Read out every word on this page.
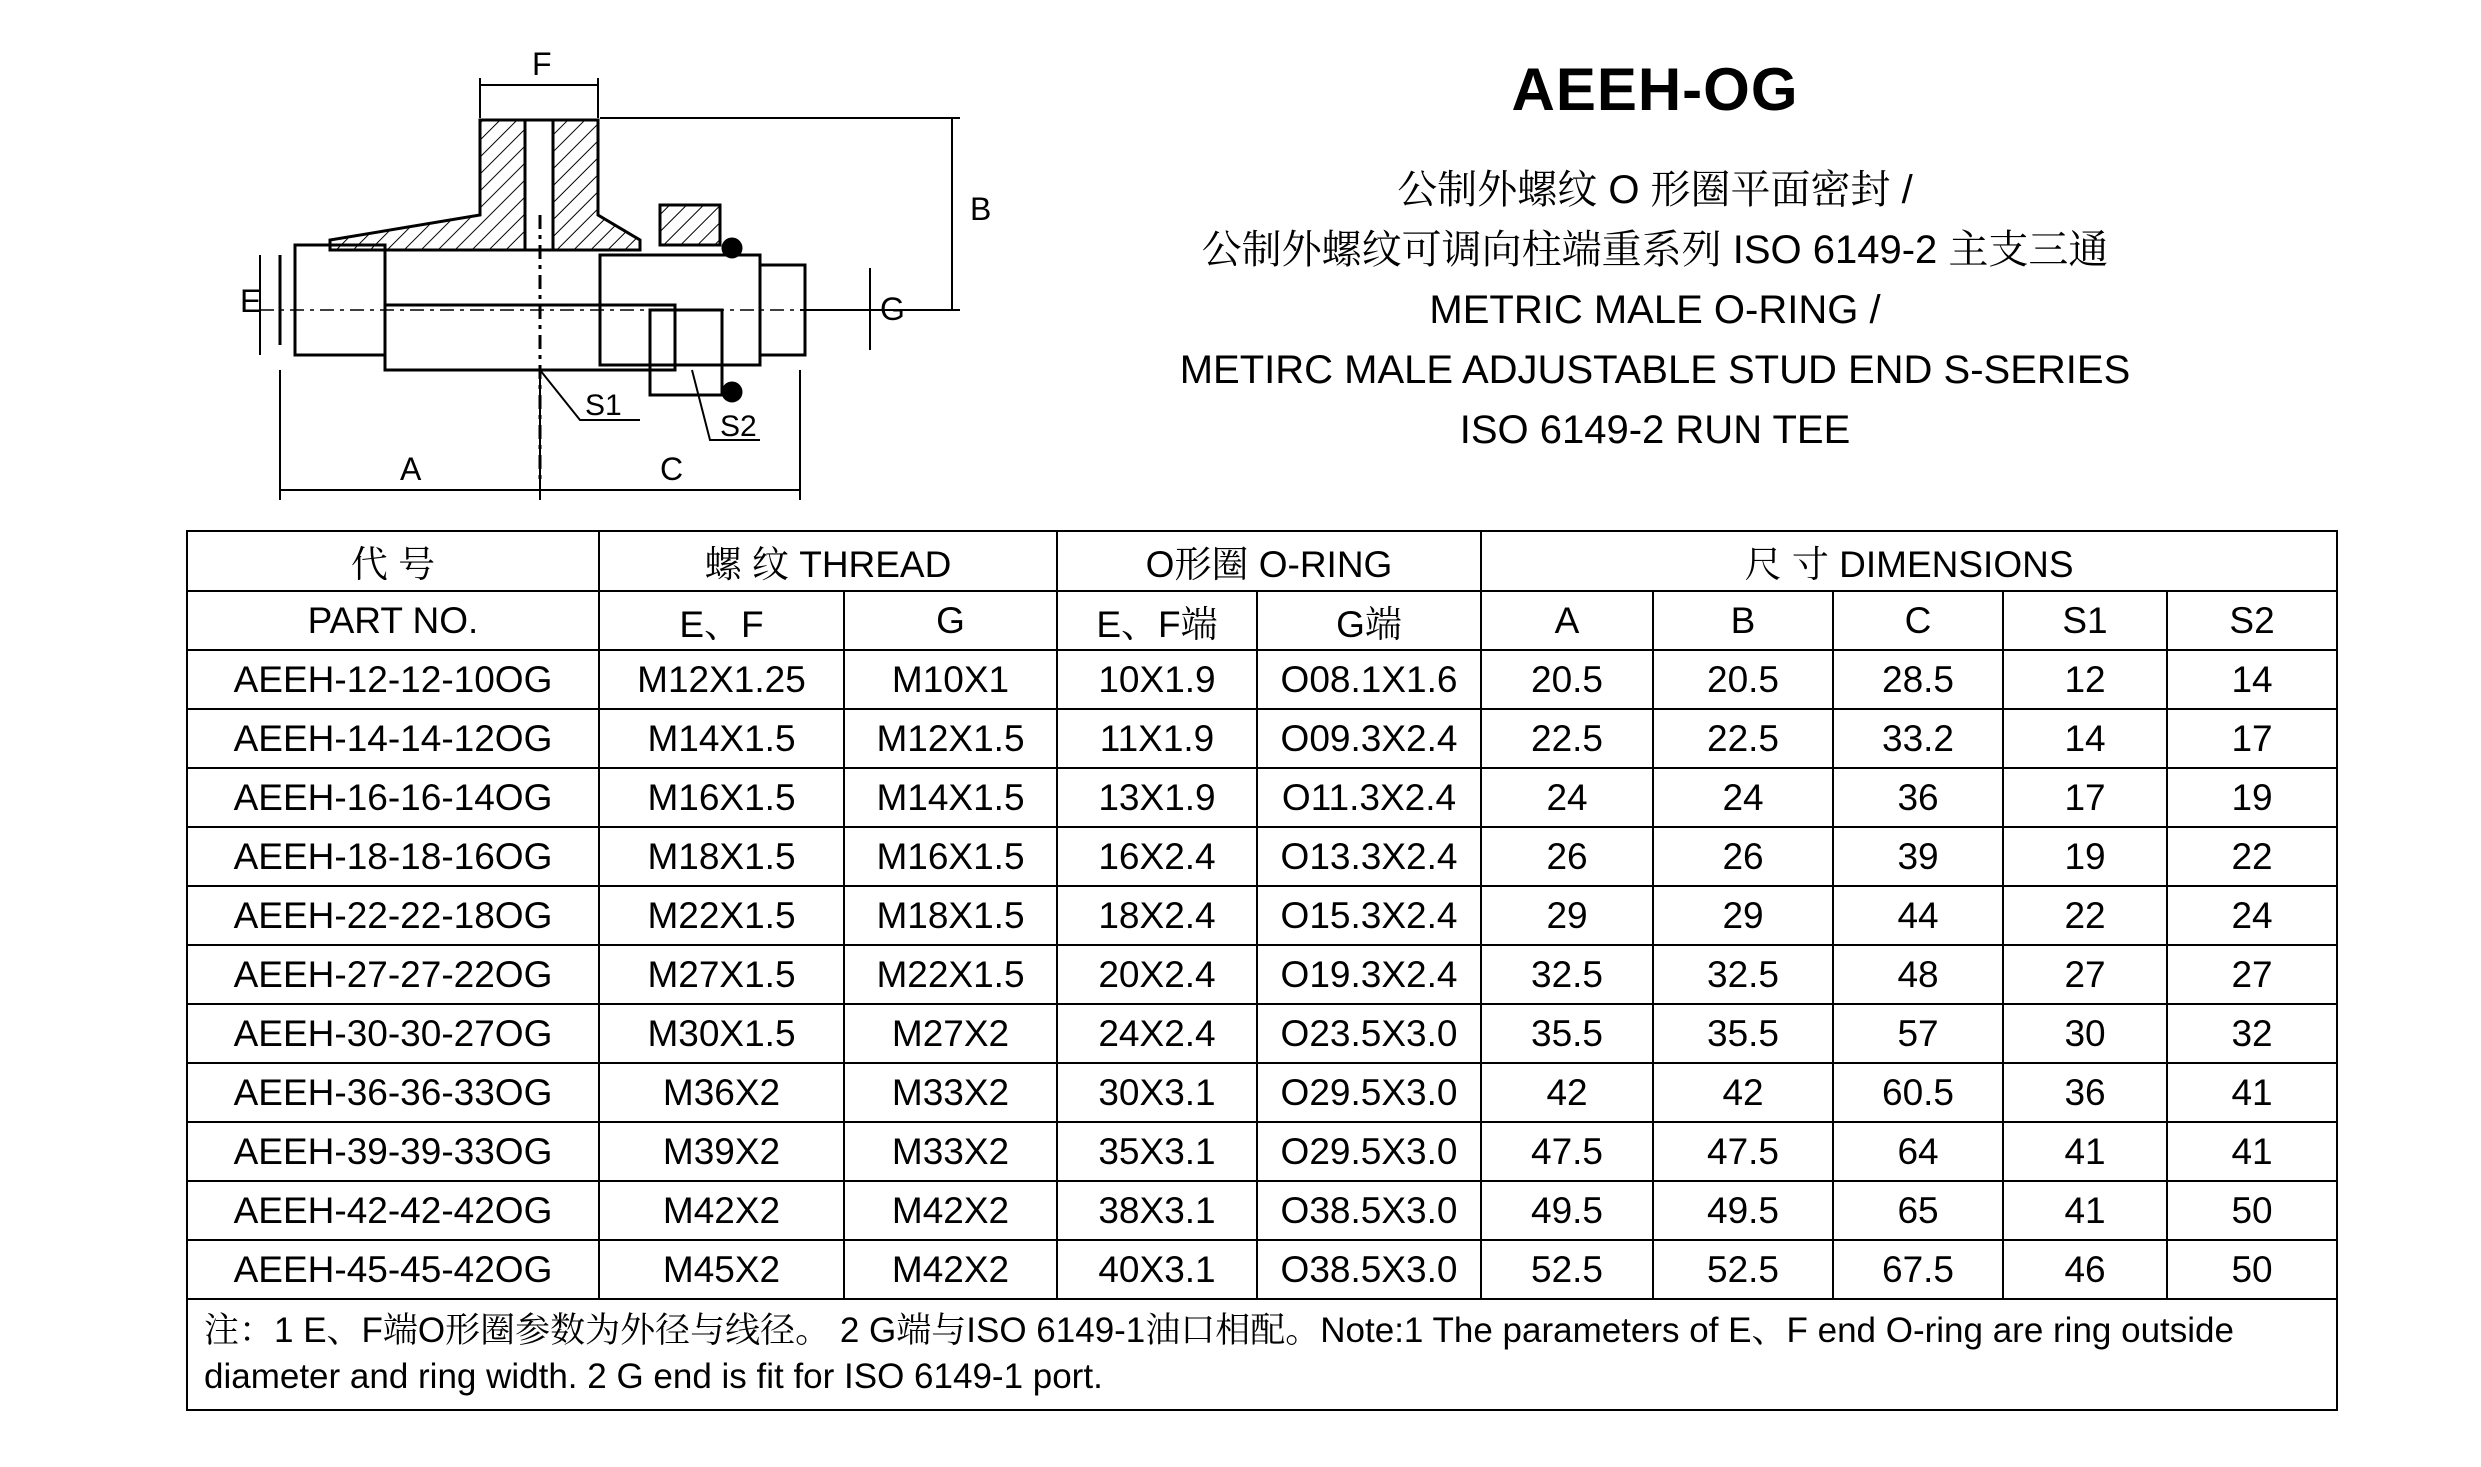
F
B
E	G
A	C
S1
S2
AEEH-OG
公制外螺纹 O 形圈平面密封 /
公制外螺纹可调向柱端重系列 ISO 6149-2 主支三通
METRIC MALE O-RING /
METIRC MALE ADJUSTABLE STUD END S-SERIES
ISO 6149-2 RUN TEE
代 号	螺 纹 THREAD		O形圈 O-RING		尺 寸 DIMENSIONS				
PART NO.	E、F	G	E、F端	G端	A	B	C	S1	S2
AEEH-12-12-10OG	M12X1.25	M10X1	10X1.9	O08.1X1.6	20.5	20.5	28.5	12	14
AEEH-14-14-12OG	M14X1.5	M12X1.5	11X1.9	O09.3X2.4	22.5	22.5	33.2	14	17
AEEH-16-16-14OG	M16X1.5	M14X1.5	13X1.9	O11.3X2.4	24	24	36	17	19
AEEH-18-18-16OG	M18X1.5	M16X1.5	16X2.4	O13.3X2.4	26	26	39	19	22
AEEH-22-22-18OG	M22X1.5	M18X1.5	18X2.4	O15.3X2.4	29	29	44	22	24
AEEH-27-27-22OG	M27X1.5	M22X1.5	20X2.4	O19.3X2.4	32.5	32.5	48	27	27
AEEH-30-30-27OG	M30X1.5	M27X2	24X2.4	O23.5X3.0	35.5	35.5	57	30	32
AEEH-36-36-33OG	M36X2	M33X2	30X3.1	O29.5X3.0	42	42	60.5	36	41
AEEH-39-39-33OG	M39X2	M33X2	35X3.1	O29.5X3.0	47.5	47.5	64	41	41
AEEH-42-42-42OG	M42X2	M42X2	38X3.1	O38.5X3.0	49.5	49.5	65	41	50
AEEH-45-45-42OG	M45X2	M42X2	40X3.1	O38.5X3.0	52.5	52.5	67.5	46	50
注：1 E、F端O形圈参数为外径与线径。 2 G端与ISO 6149-1油口相配。Note:1 The parameters of E、F end O-ring are ring outside diameter and ring width. 2 G end is fit for ISO 6149-1 port.									
